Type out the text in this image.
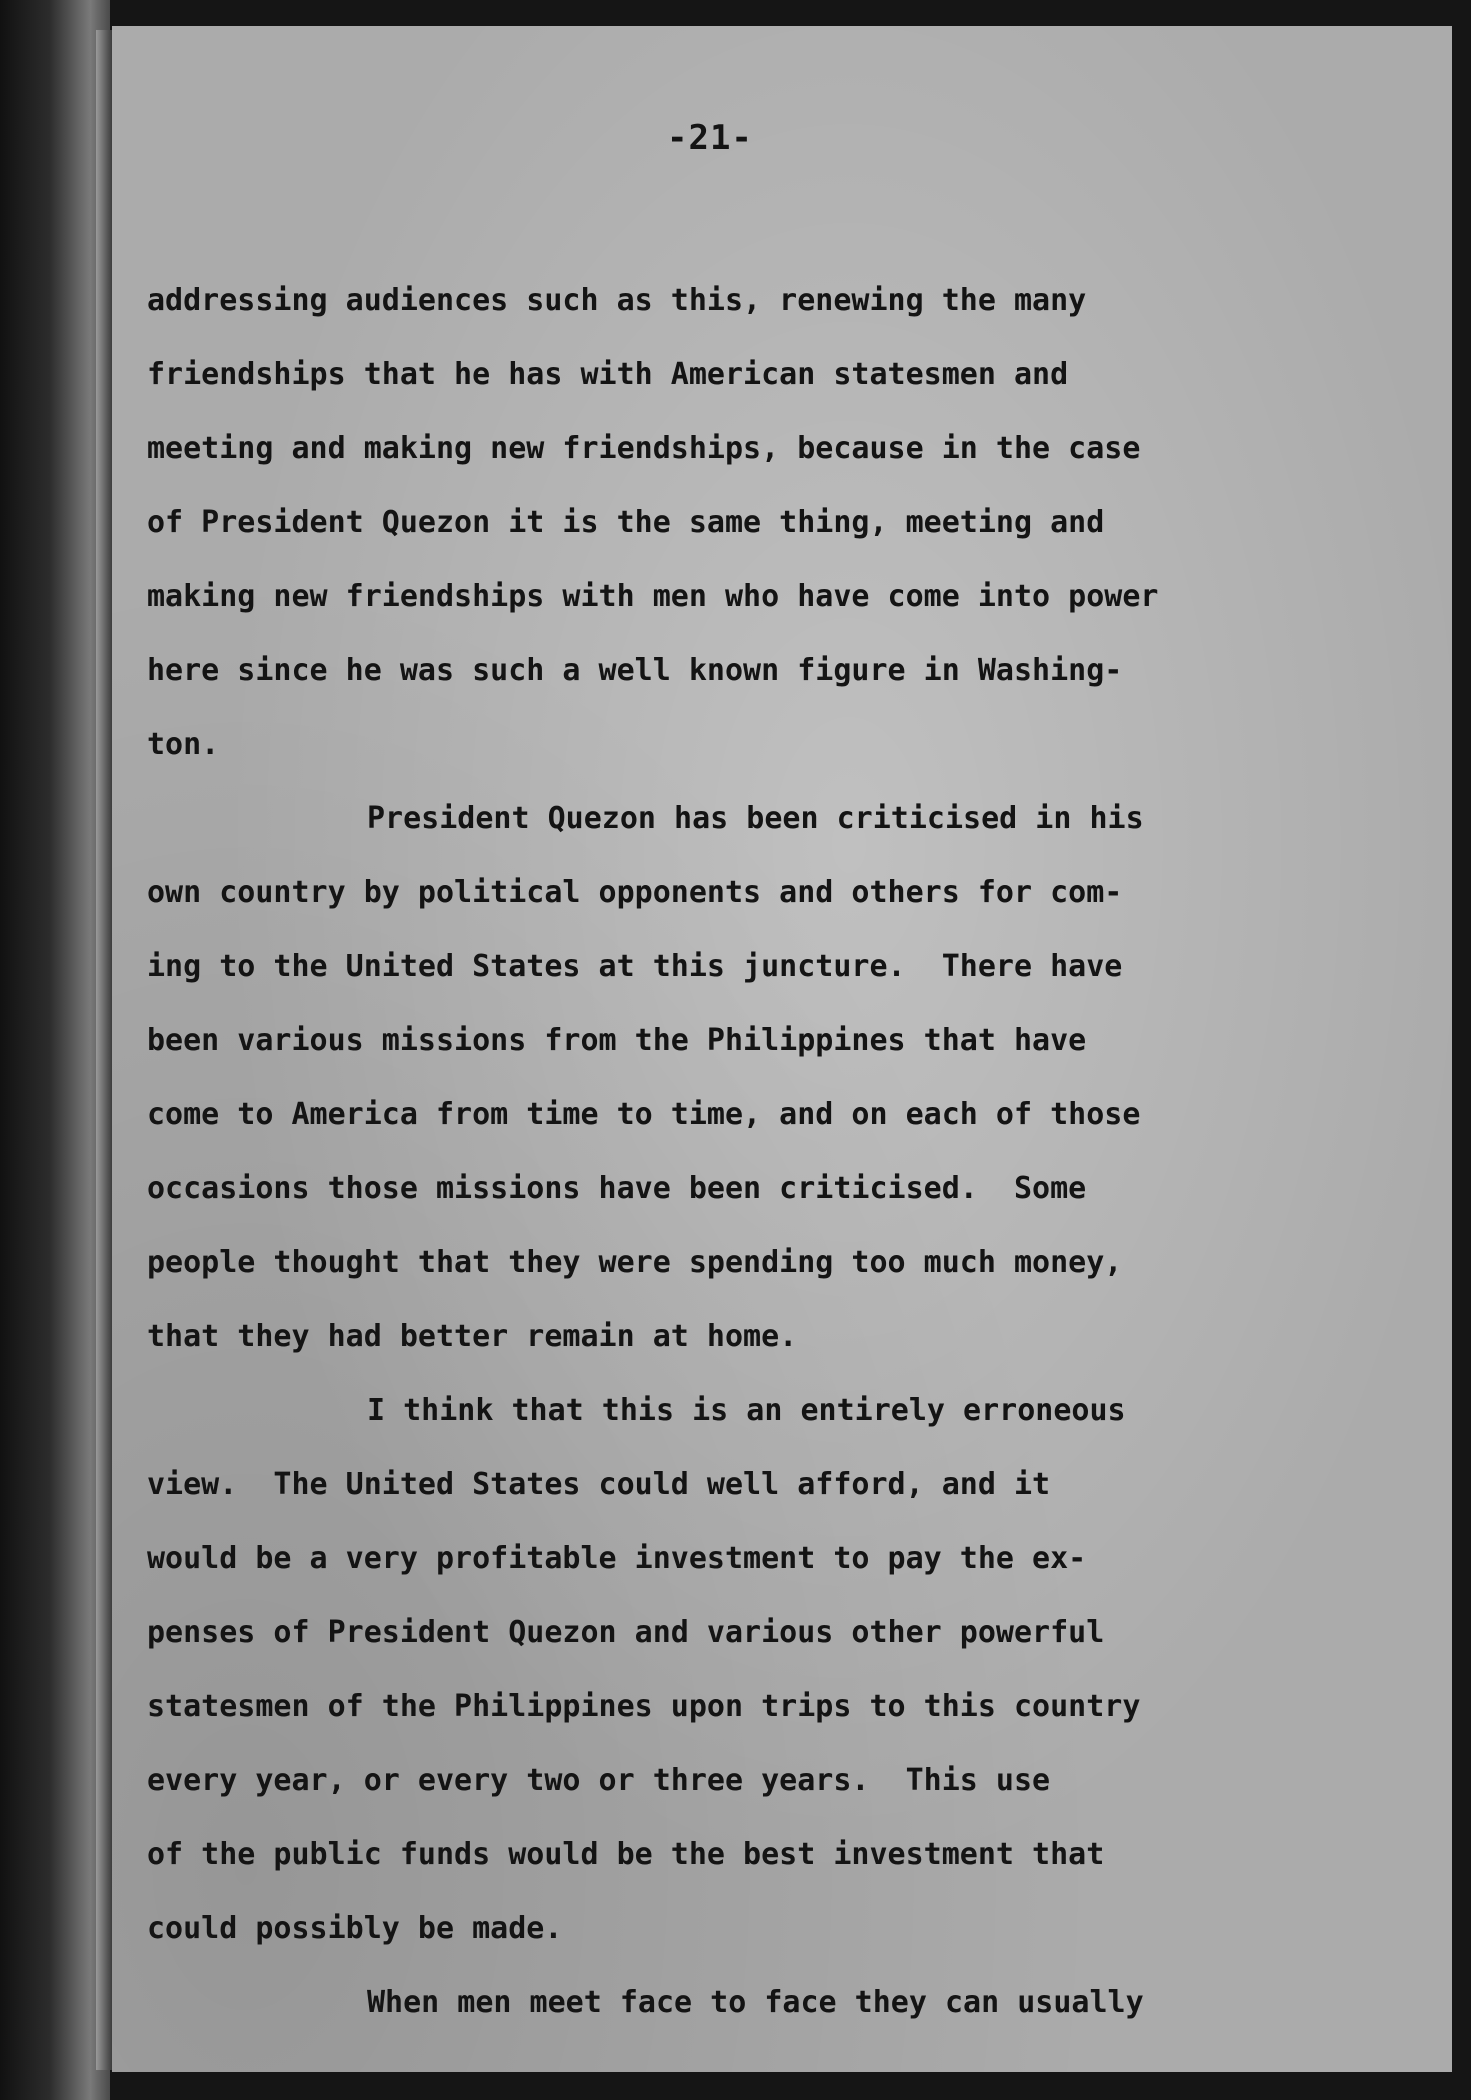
-21-

addressing audiences such as this, renewing the many
friendships that he has with American statesmen and
meeting and making new friendships, because in the case
of President Quezon it is the same thing, meeting and
making new friendships with men who have come into power
here since he was such a well known figure in Washing-
ton.
President Quezon has been criticised in his
own country by political opponents and others for com-
ing to the United States at this juncture.  There have
been various missions from the Philippines that have
come to America from time to time, and on each of those
occasions those missions have been criticised.  Some
people thought that they were spending too much money,
that they had better remain at home.
I think that this is an entirely erroneous
view.  The United States could well afford, and it
would be a very profitable investment to pay the ex-
penses of President Quezon and various other powerful
statesmen of the Philippines upon trips to this country
every year, or every two or three years.  This use
of the public funds would be the best investment that
could possibly be made.
When men meet face to face they can usually
